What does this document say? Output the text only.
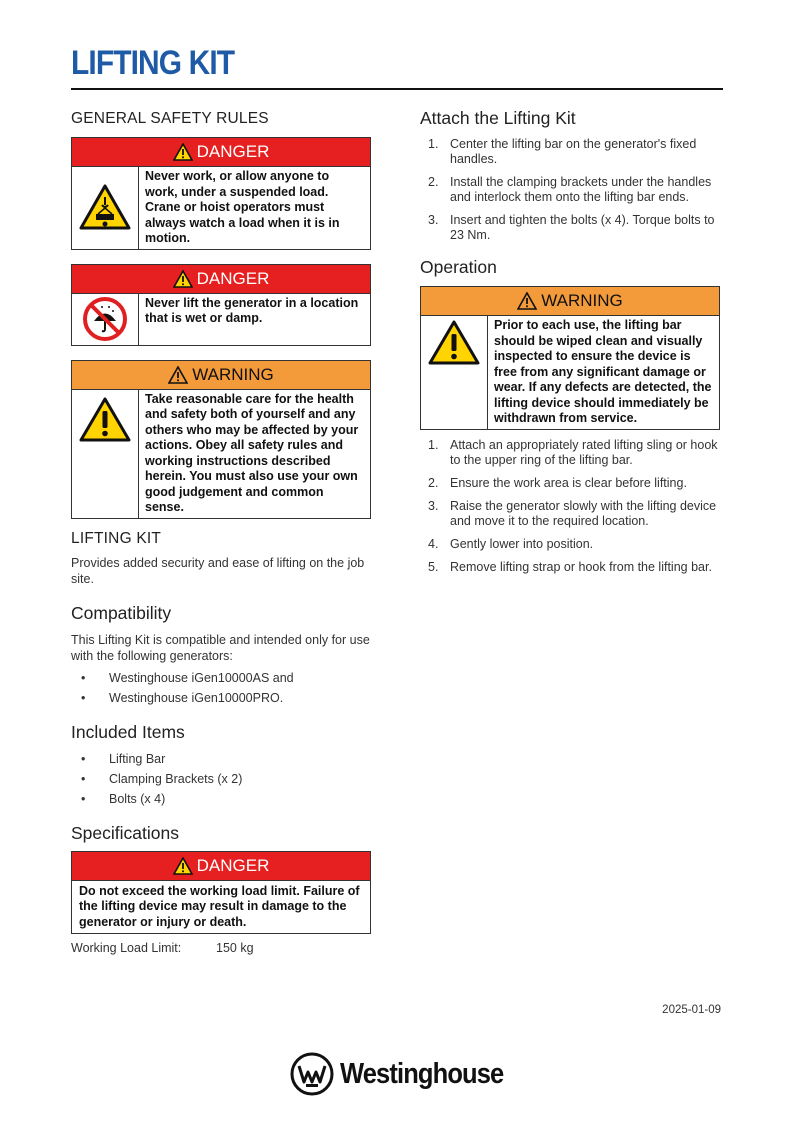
LIFTING KIT
GENERAL SAFETY RULES
DANGER
Never work, or allow anyone to work, under a suspended load. Crane or hoist operators must always watch a load when it is in motion.
DANGER
Never lift the generator in a location that is wet or damp.
WARNING
Take reasonable care for the health and safety both of yourself and any others who may be affected by your actions. Obey all safety rules and working instructions described herein. You must also use your own good judgement and common sense.
LIFTING KIT

Provides added security and ease of lifting on the job site.

Compatibility

This Lifting Kit is compatible and intended only for use with the following generators:

•	Westinghouse iGen10000AS and
•	Westinghouse iGen10000PRO.
Included Items
•	Lifting Bar
•	Clamping Brackets (x 2)
•	Bolts (x 4)
Specifications
DANGER
Do not exceed the working load limit. Failure of the lifting device may result in damage to the generator or injury or death.
Working Load Limit:	150 kg
Attach the Lifting Kit
1. Center the lifting bar on the generator's fixed handles.
2. Install the clamping brackets under the handles and interlock them onto the lifting bar ends.
3. Insert and tighten the bolts (x 4). Torque bolts to 23 Nm.
Operation
WARNING
Prior to each use, the lifting bar should be wiped clean and visually inspected to ensure the device is free from any significant damage or wear. If any defects are detected, the lifting device should immediately be withdrawn from service.
1. Attach an appropriately rated lifting sling or hook to the upper ring of the lifting bar.
2. Ensure the work area is clear before lifting.
3. Raise the generator slowly with the lifting device and move it to the required location.
4. Gently lower into position.
5. Remove lifting strap or hook from the lifting bar.
2025-01-09
Westinghouse
